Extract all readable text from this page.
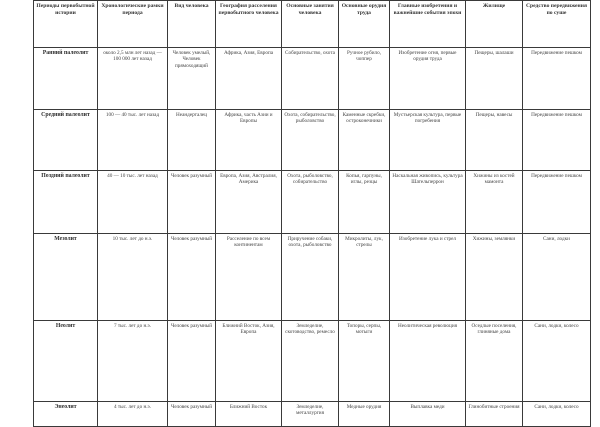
Периоды первобытной истории	Хронологические рамки периода	Вид человека	География расселения первобытного человека	Основные занятия человека	Основные орудия труда	Главные изобретения и важнейшие события эпохи	Жилище	Средство передвижения по суше
Ранний палеолит	около 2,5 млн лет назад — 100 000 лет назад	Человек умелый, Человек прямоходящий	Африка, Азия, Европа	Собирательство, охота	Ручное рубило, чоппер	Изобретение огня, первые орудия труда	Пещеры, шалаши	Передвижение пешком
Средний палеолит	100 — 40 тыс. лет назад	Неандерталец	Африка, часть Азии и Европы	Охота, собирательство, рыболовство	Каменные скребки, остроконечники	Мустьерская культура, первые погребения	Пещеры, навесы	Передвижение пешком
Поздний палеолит	40 — 10 тыс. лет назад	Человек разумный	Европа, Азия, Австралия, Америка	Охота, рыболовство, собирательство	Копья, гарпуны, иглы, резцы	Наскальная живопись, культура Шательперрон	Хижины из костей мамонта	Передвижение пешком
Мезолит	10 тыс. лет до н.э.	Человек разумный	Расселение по всем континентам	Приручение собаки, охота, рыболовство	Микролиты, лук, стрелы	Изобретение лука и стрел	Хижины, землянки	Сани, лодки
Неолит	7 тыс. лет до н.э.	Человек разумный	Ближний Восток, Азия, Европа	Земледелие, скотоводство, ремесло	Топоры, серпы, мотыги	Неолитическая революция	Оседлые поселения, глиняные дома	Сани, лодки, колесо
Энеолит	4 тыс. лет до н.э.	Человек разумный	Ближний Восток	Земледелие, металлургия	Медные орудия	Выплавка меди	Глинобитные строения	Сани, лодки, колесо
